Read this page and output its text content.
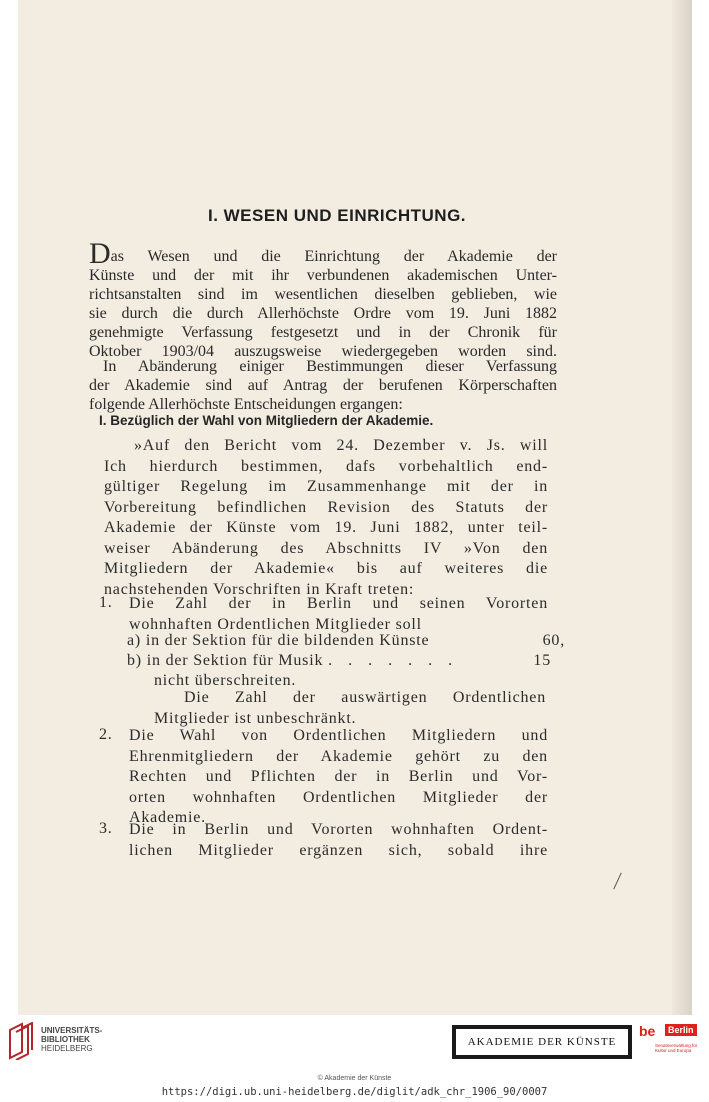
I. WESEN UND EINRICHTUNG.
Das Wesen und die Einrichtung der Akademie der
Künste und der mit ihr verbundenen akademischen Unter-
richtsanstalten sind im wesentlichen dieselben geblieben, wie
sie durch die durch Allerhöchste Ordre vom 19. Juni 1882
genehmigte Verfassung festgesetzt und in der Chronik für
Oktober 1903/04 auszugsweise wiedergegeben worden sind.
In Abänderung einiger Bestimmungen dieser Verfassung
der Akademie sind auf Antrag der berufenen Körperschaften
folgende Allerhöchste Entscheidungen ergangen:
I. Bezüglich der Wahl von Mitgliedern der Akademie.
»Auf den Bericht vom 24. Dezember v. Js. will
Ich hierdurch bestimmen, dafs vorbehaltlich end-
gültiger Regelung im Zusammenhange mit der in
Vorbereitung befindlichen Revision des Statuts der
Akademie der Künste vom 19. Juni 1882, unter teil-
weiser Abänderung des Abschnitts IV »Von den
Mitgliedern der Akademie« bis auf weiteres die
nachstehenden Vorschriften in Kraft treten:
1. Die Zahl der in Berlin und seinen Vororten
wohnhaften Ordentlichen Mitglieder soll
a) in der Sektion für die bildenden Künste	60,
b) in der Sektion für Musik . . . . . . .	15
nicht überschreiten.
Die Zahl der auswärtigen Ordentlichen
Mitglieder ist unbeschränkt.
2. Die Wahl von Ordentlichen Mitgliedern und
Ehrenmitgliedern der Akademie gehört zu den
Rechten und Pflichten der in Berlin und Vor-
orten wohnhaften Ordentlichen Mitglieder der
Akademie.
3. Die in Berlin und Vororten wohnhaften Ordent-
lichen Mitglieder ergänzen sich, sobald ihre
UNIVERSITÄTS-
BIBLIOTHEK
HEIDELBERG
AKADEMIE DER KÜNSTE
be	Berlin
Senatsverwaltung für Kultur und Europa
© Akademie der Künste
https://digi.ub.uni-heidelberg.de/diglit/adk_chr_1906_90/0007
